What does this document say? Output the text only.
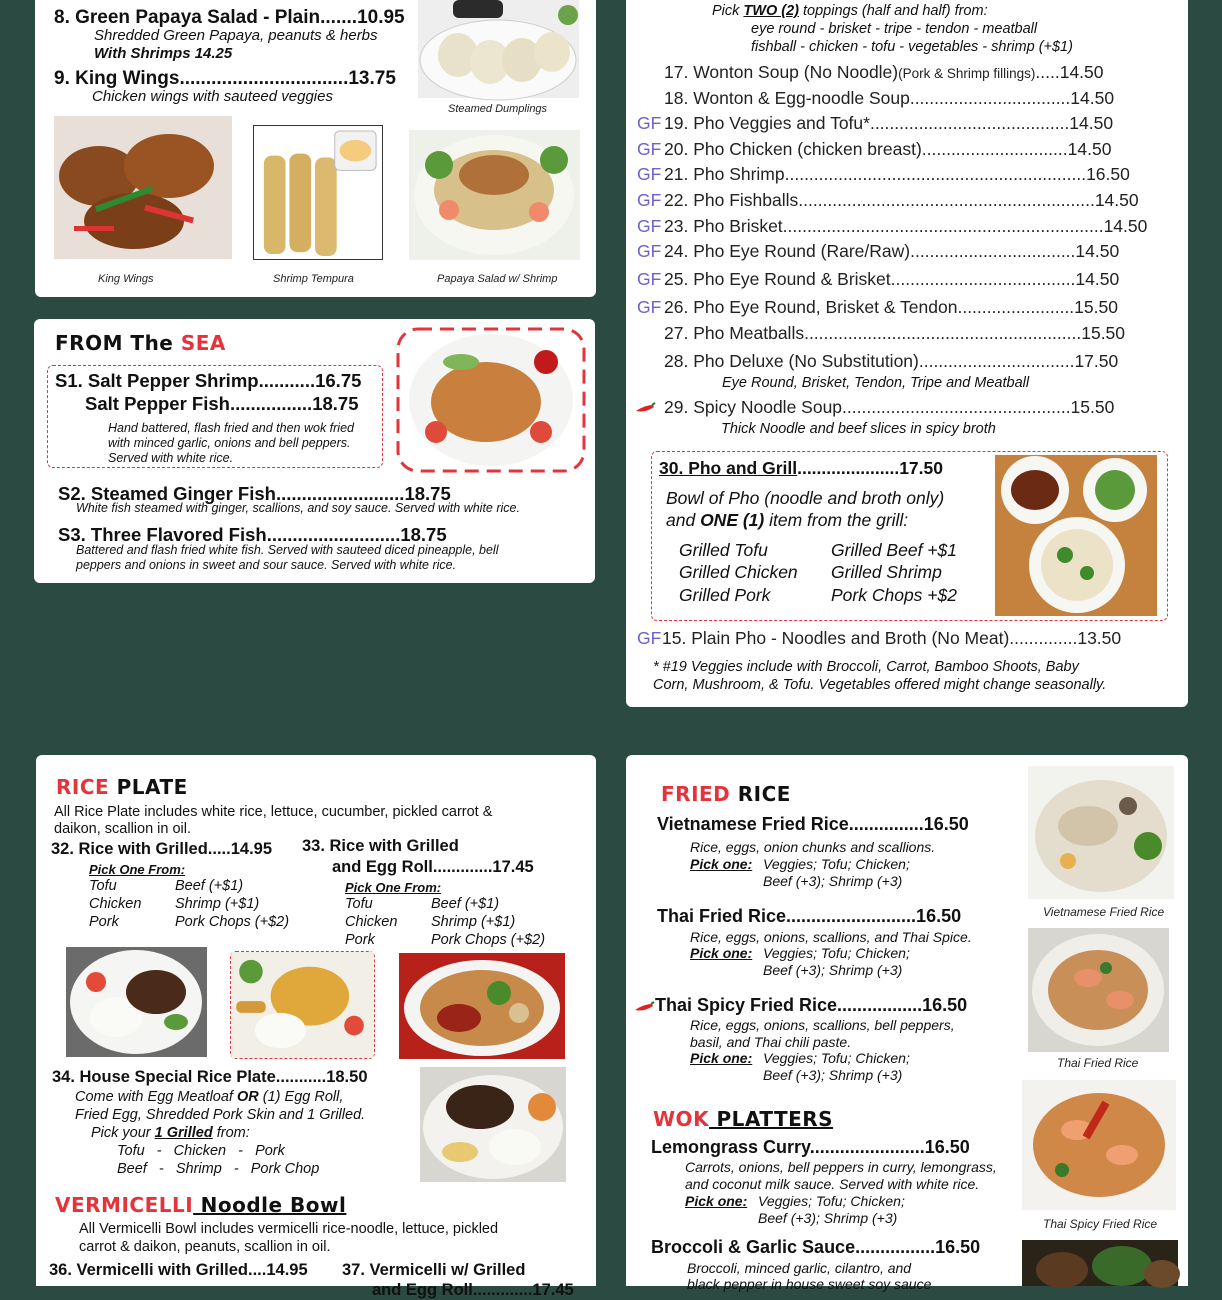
8. Green Papaya Salad - Plain.......10.95
Shredded Green Papaya, peanuts & herbs
With Shrimps 14.25
9. King Wings................................13.75
Chicken wings with sauteed veggies
Steamed Dumplings
King Wings	Shrimp Tempura	Papaya Salad w/ Shrimp
FROM The SEA
S1. Salt Pepper Shrimp...........16.75
Salt Pepper Fish................18.75
Hand battered, flash fried and then wok fried
with minced garlic, onions and bell peppers.
Served with white rice.
S2. Steamed Ginger Fish.........................18.75
White fish steamed with ginger, scallions, and soy sauce. Served with white rice.
S3. Three Flavored Fish..........................18.75
Battered and flash fried white fish. Served with sauteed diced pineapple, bell
peppers and onions in sweet and sour sauce. Served with white rice.
Pick TWO (2) toppings (half and half) from:
eye round - brisket - tripe - tendon - meatball
fishball - chicken - tofu - vegetables - shrimp (+$1)
17. Wonton Soup (No Noodle)(Pork & Shrimp fillings).....14.50
18. Wonton & Egg-noodle Soup.................................14.50
GF 19. Pho Veggies and Tofu*.........................................14.50
GF 20. Pho Chicken (chicken breast)..............................14.50
GF 21. Pho Shrimp..............................................................16.50
GF 22. Pho Fishballs.............................................................14.50
GF 23. Pho Brisket..................................................................14.50
GF 24. Pho Eye Round (Rare/Raw)..................................14.50
GF 25. Pho Eye Round & Brisket......................................14.50
GF 26. Pho Eye Round, Brisket & Tendon........................15.50
27. Pho Meatballs.........................................................15.50
28. Pho Deluxe (No Substitution)................................17.50
Eye Round, Brisket, Tendon, Tripe and Meatball
29. Spicy Noodle Soup...............................................15.50
Thick Noodle and beef slices in spicy broth
30. Pho and Grill.....................17.50
Bowl of Pho (noodle and broth only)
and ONE (1) item from the grill:
Grilled Tofu
Grilled Chicken
Grilled Pork
Grilled Beef +$1
Grilled Shrimp
Pork Chops +$2
GF 15. Plain Pho - Noodles and Broth (No Meat)..............13.50
* #19 Veggies include with Broccoli, Carrot, Bamboo Shoots, Baby
Corn, Mushroom, & Tofu. Vegetables offered might change seasonally.
RICE PLATE
All Rice Plate includes white rice, lettuce, cucumber, pickled carrot &
daikon, scallion in oil.
32. Rice with Grilled.....14.95 33. Rice with Grilled
and Egg Roll.............17.45
Pick One From:
Tofu
Chicken
Pork
Beef (+$1)
Shrimp (+$1)
Pork Chops (+$2)
Pick One From:
Tofu
Chicken
Pork
Beef (+$1)
Shrimp (+$1)
Pork Chops (+$2)
34. House Special Rice Plate...........18.50
Come with Egg Meatloaf OR (1) Egg Roll,
Fried Egg, Shredded Pork Skin and 1 Grilled.
Pick your 1 Grilled from:
Tofu   -   Chicken   -   Pork
Beef   -   Shrimp   -   Pork Chop
VERMICELLI Noodle Bowl
All Vermicelli Bowl includes vermicelli rice-noodle, lettuce, pickled
carrot & daikon, peanuts, scallion in oil.
36. Vermicelli with Grilled....14.95 37. Vermicelli w/ Grilled
and Egg Roll.............17.45
FRIED RICE
Vietnamese Fried Rice...............16.50
Rice, eggs, onion chunks and scallions.
Pick one: Veggies; Tofu; Chicken;
Beef (+3); Shrimp (+3)
Thai Fried Rice..........................16.50
Rice, eggs, onions, scallions, and Thai Spice.
Pick one: Veggies; Tofu; Chicken;
Beef (+3); Shrimp (+3)
Thai Spicy Fried Rice.................16.50
Rice, eggs, onions, scallions, bell peppers,
basil, and Thai chili paste.
Pick one: Veggies; Tofu; Chicken;
Beef (+3); Shrimp (+3)
WOK PLATTERS
Lemongrass Curry.......................16.50
Carrots, onions, bell peppers in curry, lemongrass,
and coconut milk sauce. Served with white rice.
Pick one: Veggies; Tofu; Chicken;
Beef (+3); Shrimp (+3)
Broccoli & Garlic Sauce................16.50
Broccoli, minced garlic, cilantro, and
black pepper in house sweet soy sauce
Vietnamese Fried Rice
Thai Fried Rice
Thai Spicy Fried Rice
